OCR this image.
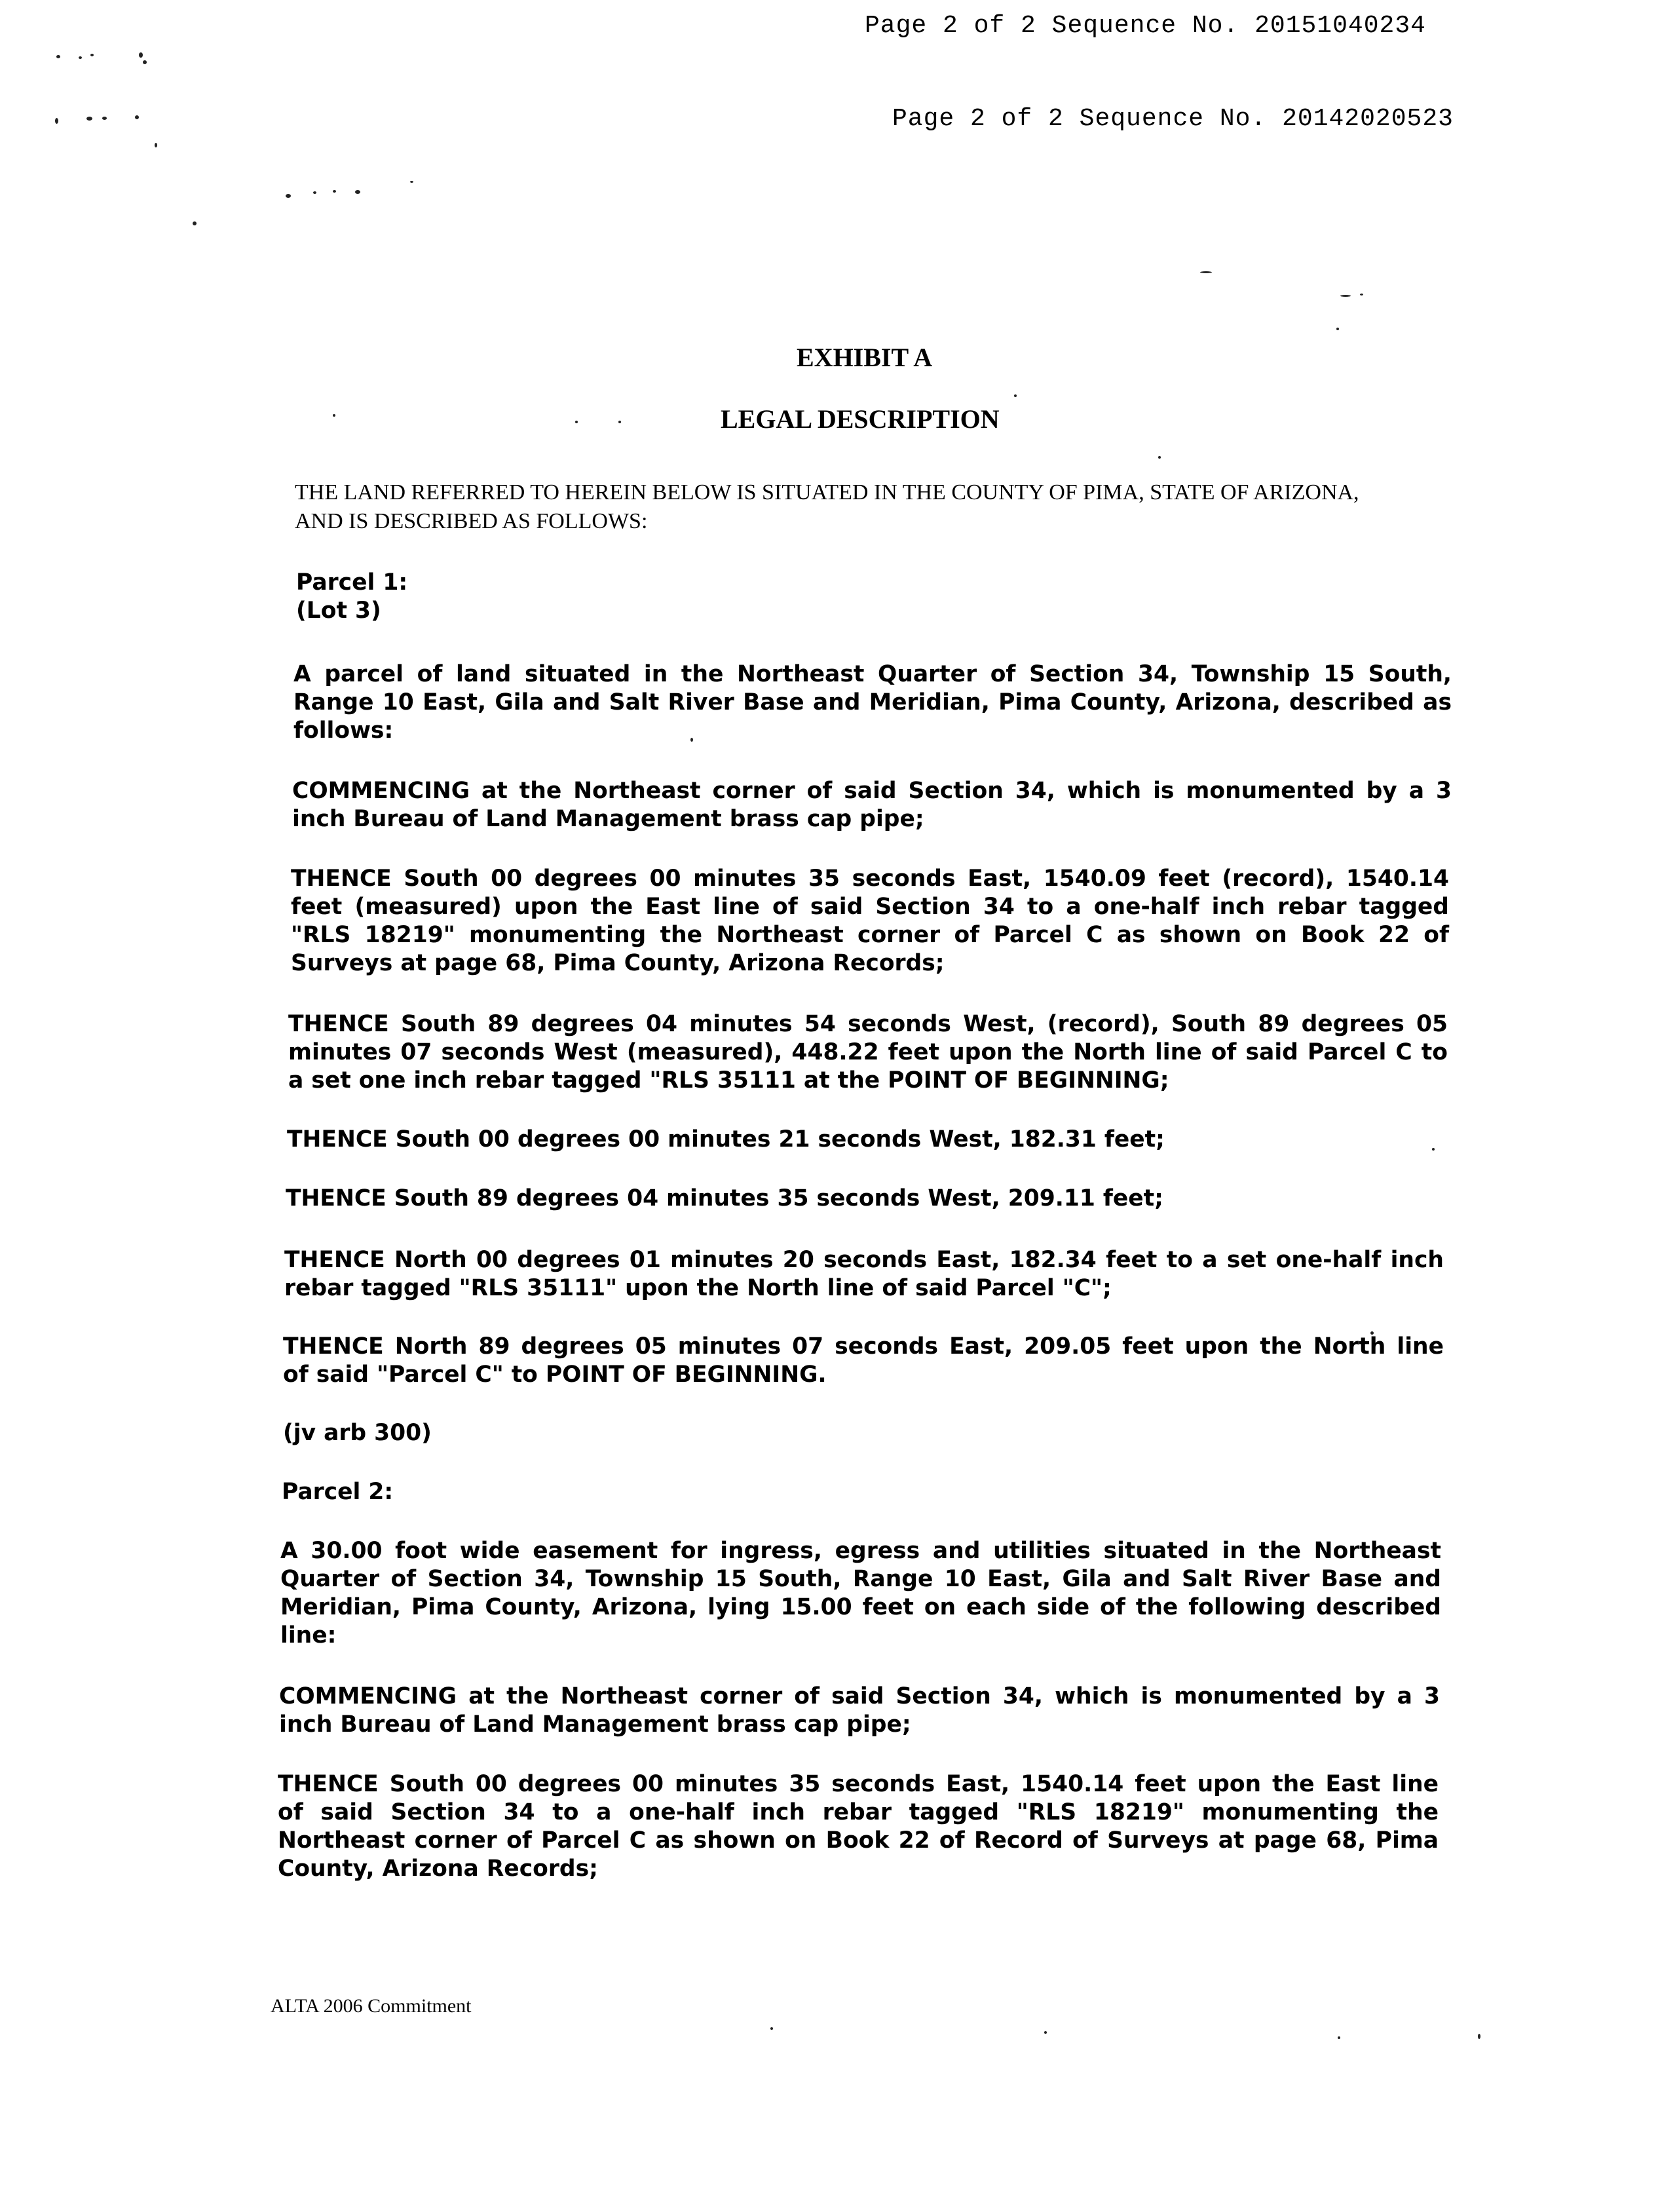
Page 2 of 2 Sequence No. 20151040234
Page 2 of 2 Sequence No. 20142020523
EXHIBIT A
LEGAL DESCRIPTION
THE LAND REFERRED TO HEREIN BELOW IS SITUATED IN THE COUNTY OF PIMA, STATE OF ARIZONA,
AND IS DESCRIBED AS FOLLOWS:
Parcel 1:
(Lot 3)
A parcel of land situated in the Northeast Quarter of Section 34, Township 15 South,
Range 10 East, Gila and Salt River Base and Meridian, Pima County, Arizona, described as
follows:
COMMENCING at the Northeast corner of said Section 34, which is monumented by a 3
inch Bureau of Land Management brass cap pipe;
THENCE South 00 degrees 00 minutes 35 seconds East, 1540.09 feet (record), 1540.14
feet (measured) upon the East line of said Section 34 to a one-half inch rebar tagged
"RLS 18219" monumenting the Northeast corner of Parcel C as shown on Book 22 of
Surveys at page 68, Pima County, Arizona Records;
THENCE South 89 degrees 04 minutes 54 seconds West, (record), South 89 degrees 05
minutes 07 seconds West (measured), 448.22 feet upon the North line of said Parcel C to
a set one inch rebar tagged "RLS 35111 at the POINT OF BEGINNING;
THENCE South 00 degrees 00 minutes 21 seconds West, 182.31 feet;
THENCE South 89 degrees 04 minutes 35 seconds West, 209.11 feet;
THENCE North 00 degrees 01 minutes 20 seconds East, 182.34 feet to a set one-half inch
rebar tagged "RLS 35111" upon the North line of said Parcel "C";
THENCE North 89 degrees 05 minutes 07 seconds East, 209.05 feet upon the North line
of said "Parcel C" to POINT OF BEGINNING.
(jv arb 300)
Parcel 2:
A 30.00 foot wide easement for ingress, egress and utilities situated in the Northeast
Quarter of Section 34, Township 15 South, Range 10 East, Gila and Salt River Base and
Meridian, Pima County, Arizona, lying 15.00 feet on each side of the following described
line:
COMMENCING at the Northeast corner of said Section 34, which is monumented by a 3
inch Bureau of Land Management brass cap pipe;
THENCE South 00 degrees 00 minutes 35 seconds East, 1540.14 feet upon the East line
of said Section 34 to a one-half inch rebar tagged "RLS 18219" monumenting the
Northeast corner of Parcel C as shown on Book 22 of Record of Surveys at page 68, Pima
County, Arizona Records;
ALTA 2006 Commitment
